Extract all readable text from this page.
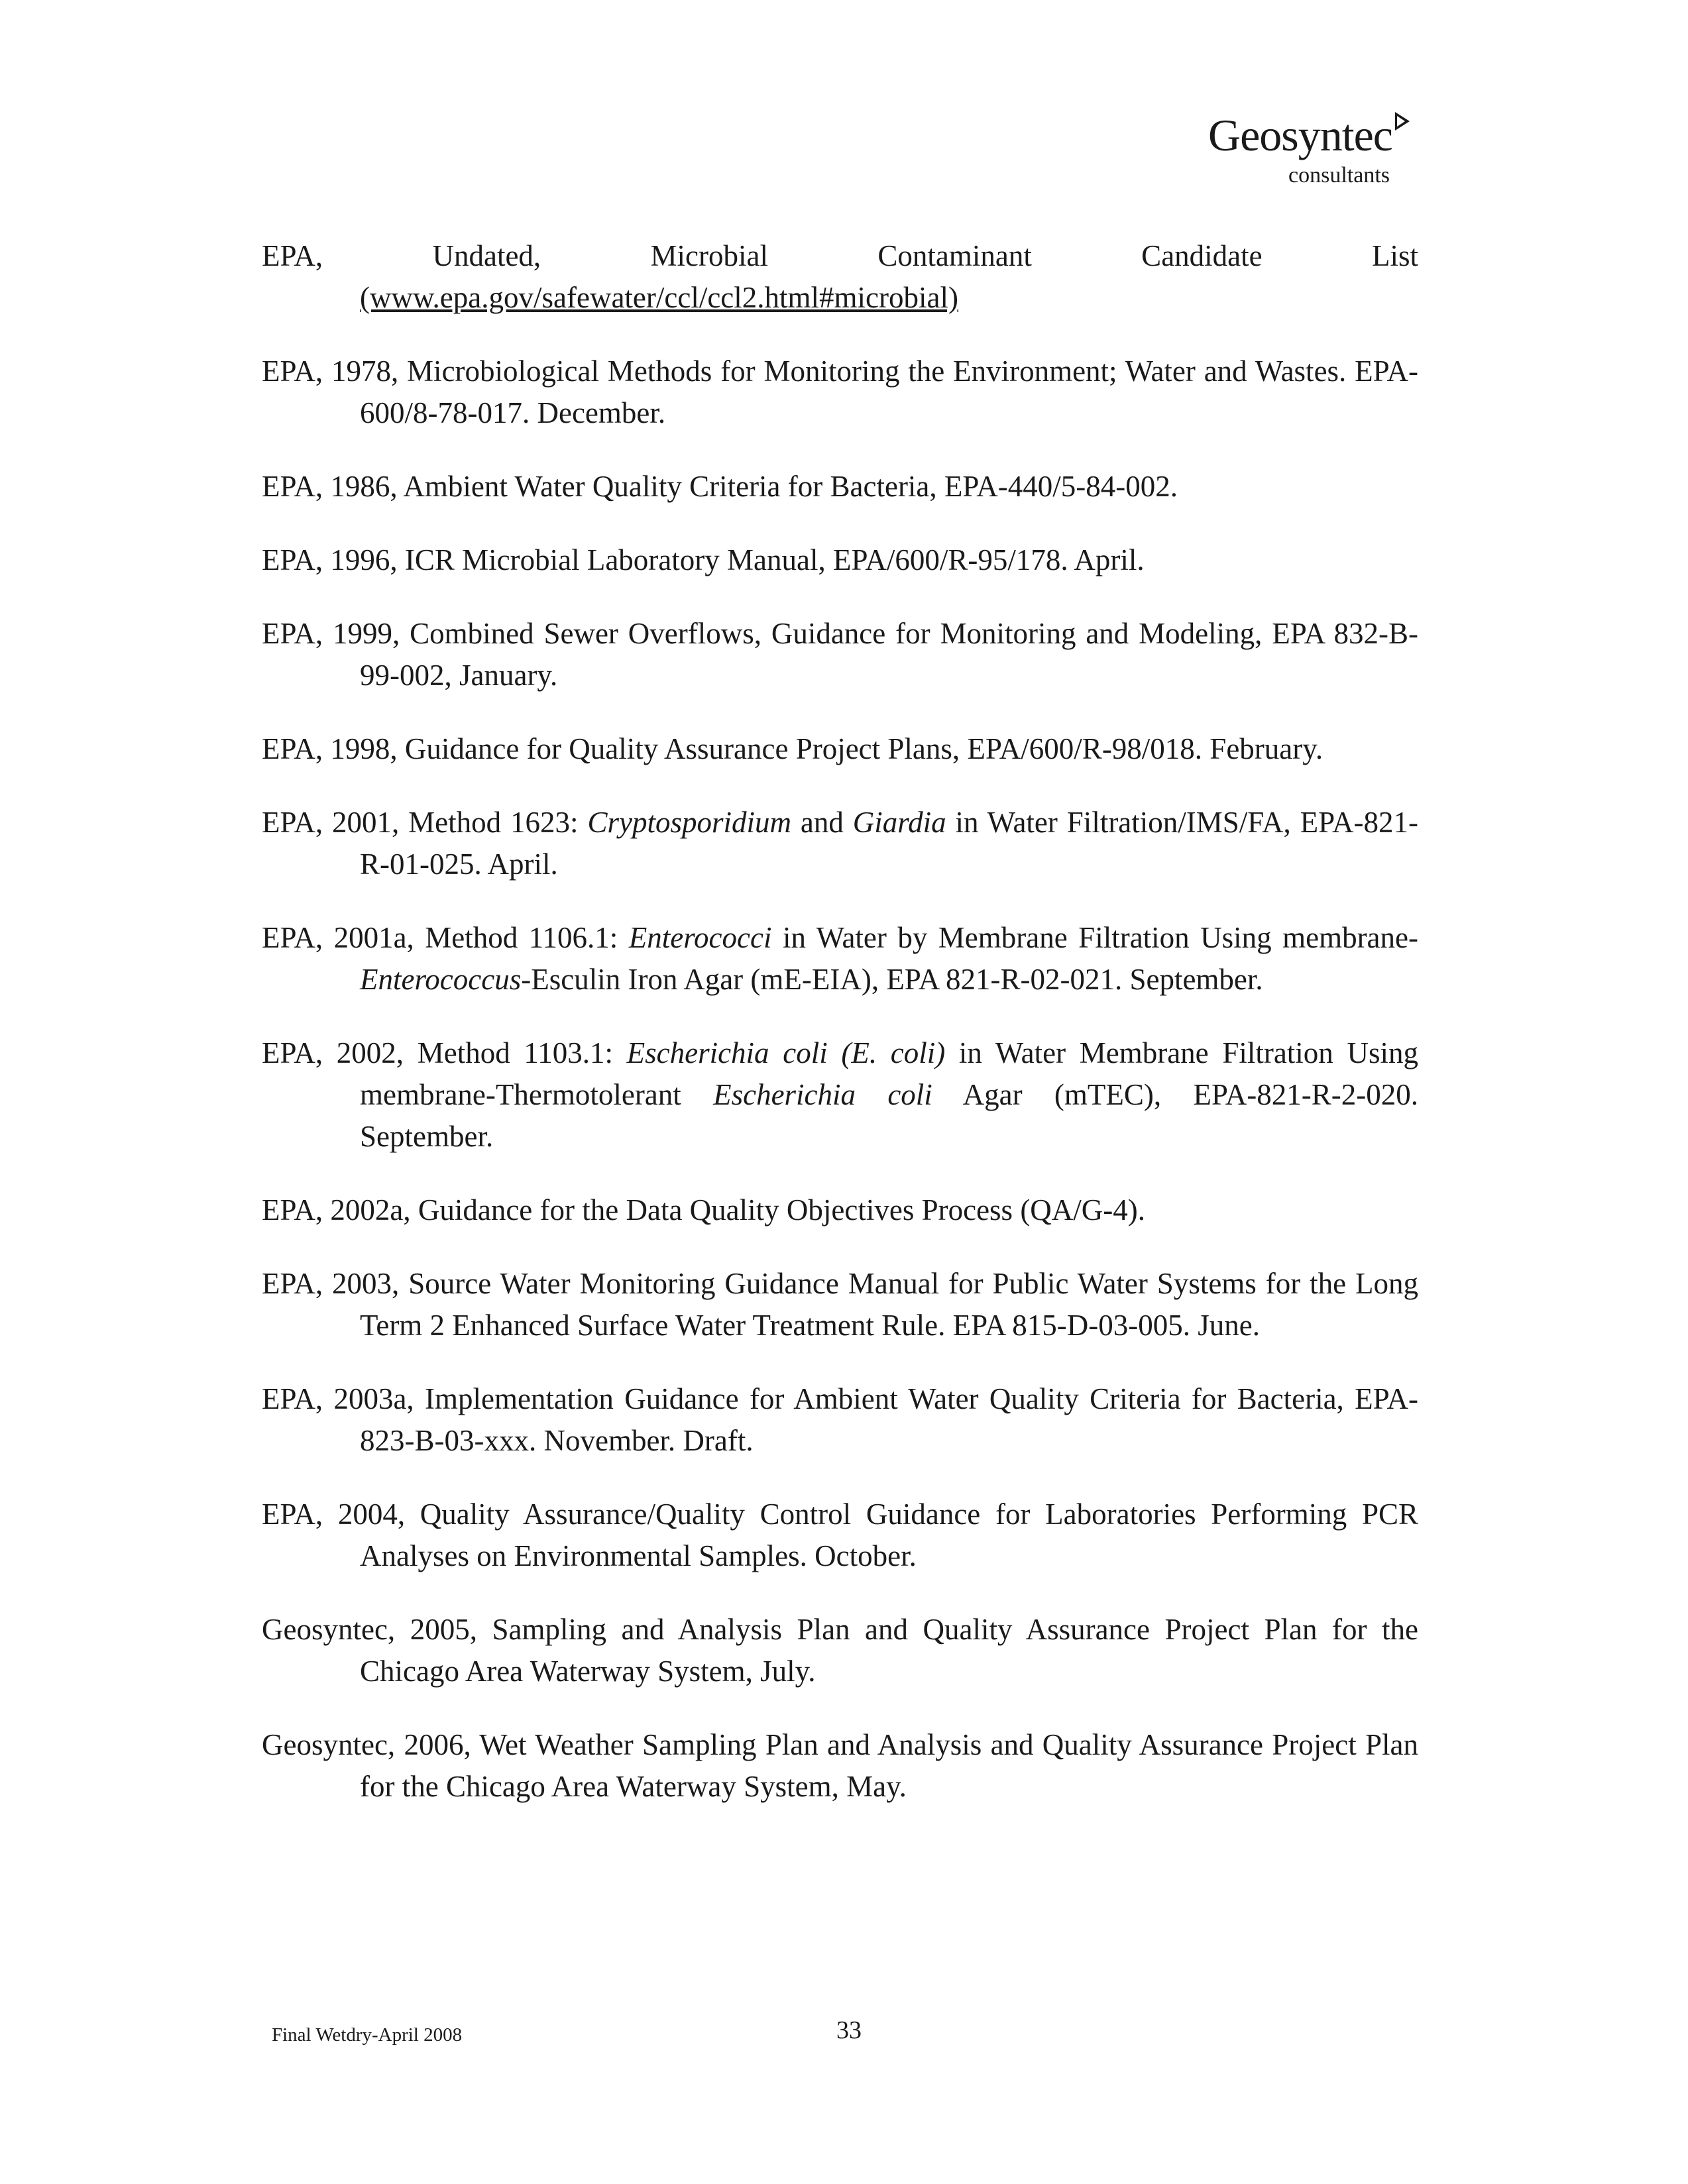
Geosyntec
consultants
EPA, Undated, Microbial Contaminant Candidate List
(www.epa.gov/safewater/ccl/ccl2.html#microbial)
EPA, 1978, Microbiological Methods for Monitoring the Environment; Water and Wastes. EPA-600/8-78-017. December.
EPA, 1986, Ambient Water Quality Criteria for Bacteria, EPA-440/5-84-002.
EPA, 1996, ICR Microbial Laboratory Manual, EPA/600/R-95/178. April.
EPA, 1999, Combined Sewer Overflows, Guidance for Monitoring and Modeling, EPA 832-B-99-002, January.
EPA, 1998, Guidance for Quality Assurance Project Plans, EPA/600/R-98/018. February.
EPA, 2001, Method 1623: Cryptosporidium and Giardia in Water Filtration/IMS/FA, EPA-821-R-01-025. April.
EPA, 2001a, Method 1106.1: Enterococci in Water by Membrane Filtration Using membrane-Enterococcus-Esculin Iron Agar (mE-EIA), EPA 821-R-02-021. September.
EPA, 2002, Method 1103.1: Escherichia coli (E. coli) in Water Membrane Filtration Using membrane-Thermotolerant Escherichia coli Agar (mTEC), EPA-821-R-2-020. September.
EPA, 2002a, Guidance for the Data Quality Objectives Process (QA/G-4).
EPA, 2003, Source Water Monitoring Guidance Manual for Public Water Systems for the Long Term 2 Enhanced Surface Water Treatment Rule. EPA 815-D-03-005. June.
EPA, 2003a, Implementation Guidance for Ambient Water Quality Criteria for Bacteria, EPA-823-B-03-xxx. November. Draft.
EPA, 2004, Quality Assurance/Quality Control Guidance for Laboratories Performing PCR Analyses on Environmental Samples. October.
Geosyntec, 2005, Sampling and Analysis Plan and Quality Assurance Project Plan for the Chicago Area Waterway System, July.
Geosyntec, 2006, Wet Weather Sampling Plan and Analysis and Quality Assurance Project Plan for the Chicago Area Waterway System, May.
Final Wetdry-April 2008	33
